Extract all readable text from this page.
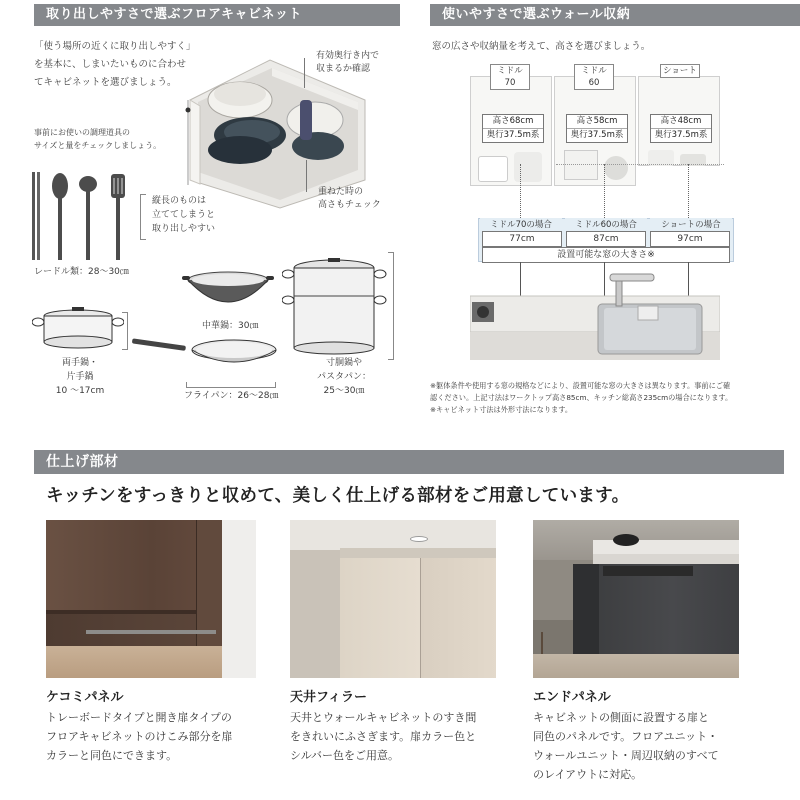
取り出しやすさで選ぶフロアキャビネット
「使う場所の近くに取り出しやすく」
を基本に、しまいたいものに合わせ
てキャビネットを選びましょう。
有効奥行き内で
収まるか確認
重ねた時の
高さもチェック
事前にお使いの調理道具の
サイズと量をチェックしましょう。
縦長のものは
立ててしまうと
取り出しやすい
レードル類：28〜30㎝
中華鍋：30㎝
寸胴鍋や
パスタパン：
25〜30㎝
両手鍋・
片手鍋
10 〜17cm	フライパン：26〜28㎝
使いやすさで選ぶウォール収納
窓の広さや収納量を考えて、高さを選びましょう。
ミドル70
ミドル60
ショート
高さ68cm
奥行37.5m系
高さ58cm
奥行37.5m系
高さ48cm
奥行37.5m系
ミドル70の場合
77cm
ミドル60の場合
87cm
ショートの場合
97cm
設置可能な窓の大きさ※
※躯体条件や使用する窓の規格などにより、設置可能な窓の大きさは異なります。事前にご確
認ください。上記寸法はワークトップ高さ85cm、キッチン総高さ235cmの場合になります。
※キャビネット寸法は外形寸法になります。
仕上げ部材
キッチンをすっきりと収めて、美しく仕上げる部材をご用意しています。
ケコミパネル
トレーボードタイプと開き扉タイプの
フロアキャビネットのけこみ部分を扉
カラーと同色にできます。
天井フィラー
天井とウォールキャビネットのすき間
をきれいにふさぎます。扉カラー色と
シルバー色をご用意。
エンドパネル
キャビネットの側面に設置する扉と
同色のパネルです。フロアユニット・
ウォールユニット・周辺収納のすべて
のレイアウトに対応。
